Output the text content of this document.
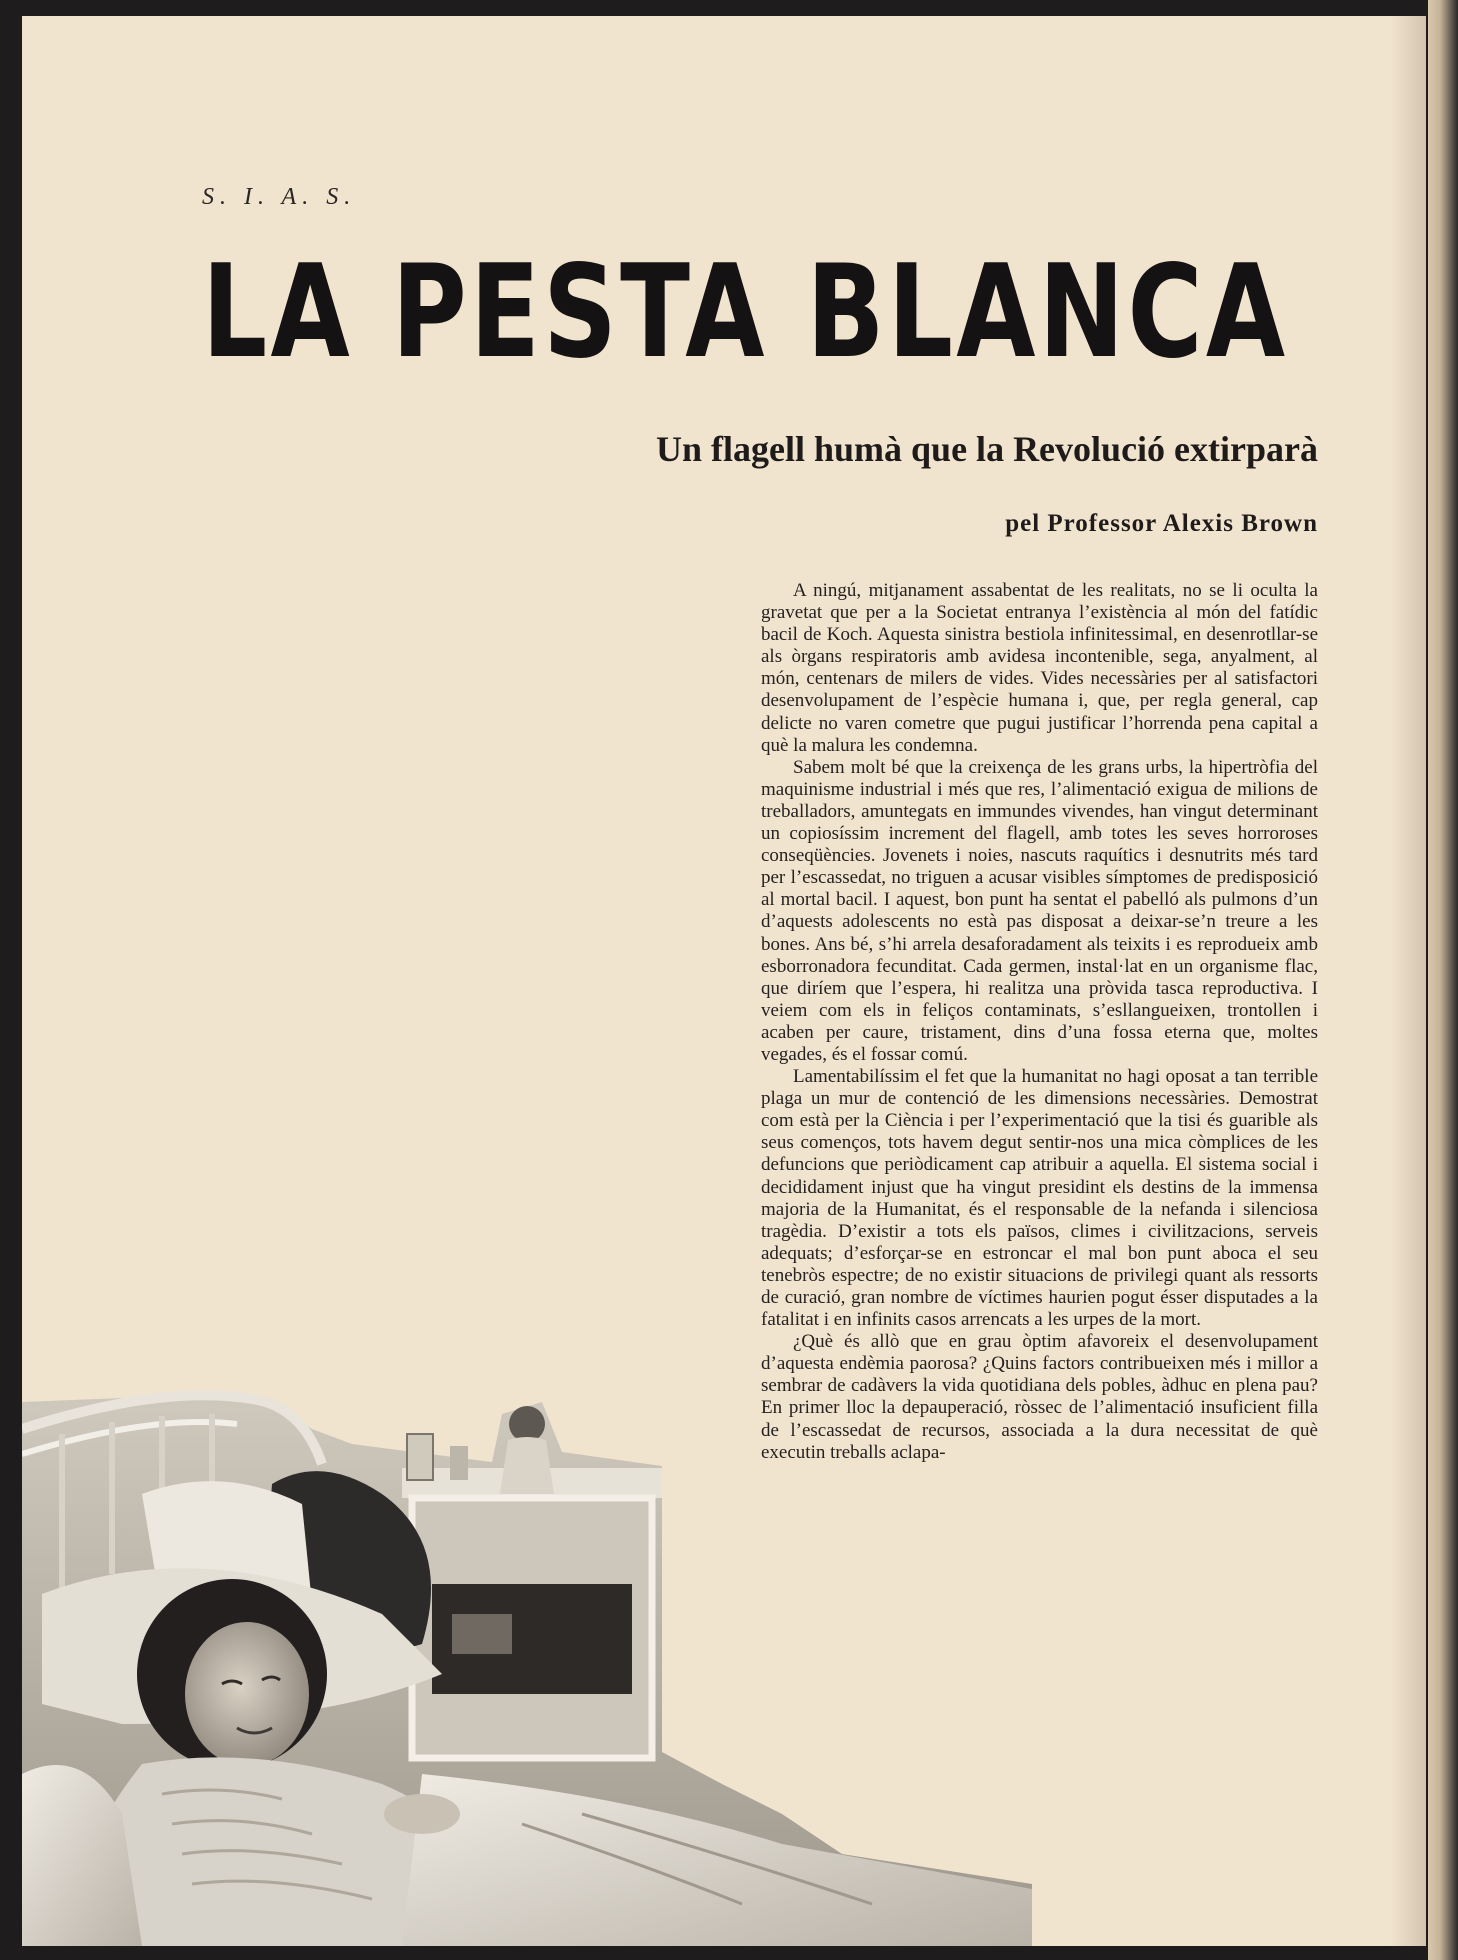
S. I. A. S.
LA PESTA BLANCA
Un flagell humà que la Revolució extirparà
pel Professor Alexis Brown

A ningú, mitjanament assabentat de les realitats, no se li oculta la gravetat que per a la Societat entranya l’existència al món del fatídic bacil de Koch. Aquesta sinistra bestiola infinitessimal, en desenrotllar-se als òrgans respiratoris amb avidesa incontenible, sega, anyalment, al món, centenars de milers de vides. Vides necessàries per al satisfactori desenvolupament de l’espècie humana i, que, per regla general, cap delicte no varen cometre que pugui justificar l’horrenda pena capital a què la malura les condemna.

Sabem molt bé que la creixença de les grans urbs, la hipertròfia del maquinisme industrial i més que res, l’alimentació exigua de milions de treballadors, amuntegats en immundes vivendes, han vingut determinant un copiosíssim increment del flagell, amb totes les seves horroroses conseqüències. Jovenets i noies, nascuts raquítics i desnutrits més tard per l’escassedat, no triguen a acusar visibles símptomes de predisposició al mortal bacil. I aquest, bon punt ha sentat el pabelló als pulmons d’un d’aquests adolescents no està pas disposat a deixar-se’n treure a les bones. Ans bé, s’hi arrela desaforadament als teixits i es reprodueix amb esborronadora fecunditat. Cada germen, instal·lat en un organisme flac, que diríem que l’espera, hi realitza una pròvida tasca reproductiva. I veiem com els in feliços contaminats, s’esllangueixen, trontollen i acaben per caure, tristament, dins d’una fossa eterna que, moltes vegades, és el fossar comú.

Lamentabilíssim el fet que la humanitat no hagi oposat a tan terrible plaga un mur de contenció de les dimensions necessàries. Demostrat com està per la Ciència i per l’experimentació que la tisi és guarible als seus començos, tots havem degut sentir-nos una mica còmplices de les defuncions que periòdicament cap atribuir a aquella. El sistema social i decididament injust que ha vingut presidint els destins de la immensa majoria de la Humanitat, és el responsable de la nefanda i silenciosa tragèdia. D’existir a tots els països, climes i civilitzacions, serveis adequats; d’esforçar-se en estroncar el mal bon punt aboca el seu tenebròs espectre; de no existir situacions de privilegi quant als ressorts de curació, gran nombre de víctimes haurien pogut ésser disputades a la fatalitat i en infinits casos arrencats a les urpes de la mort.

¿Què és allò que en grau òptim afavoreix el desenvolupament d’aquesta endèmia paorosa? ¿Quins factors contribueixen més i millor a sembrar de cadàvers la vida quotidiana dels pobles, àdhuc en plena pau? En primer lloc la depauperació, ròssec de l’alimentació insuficient filla de l’escassedat de recursos, associada a la dura necessitat de què executin treballs aclapa-
